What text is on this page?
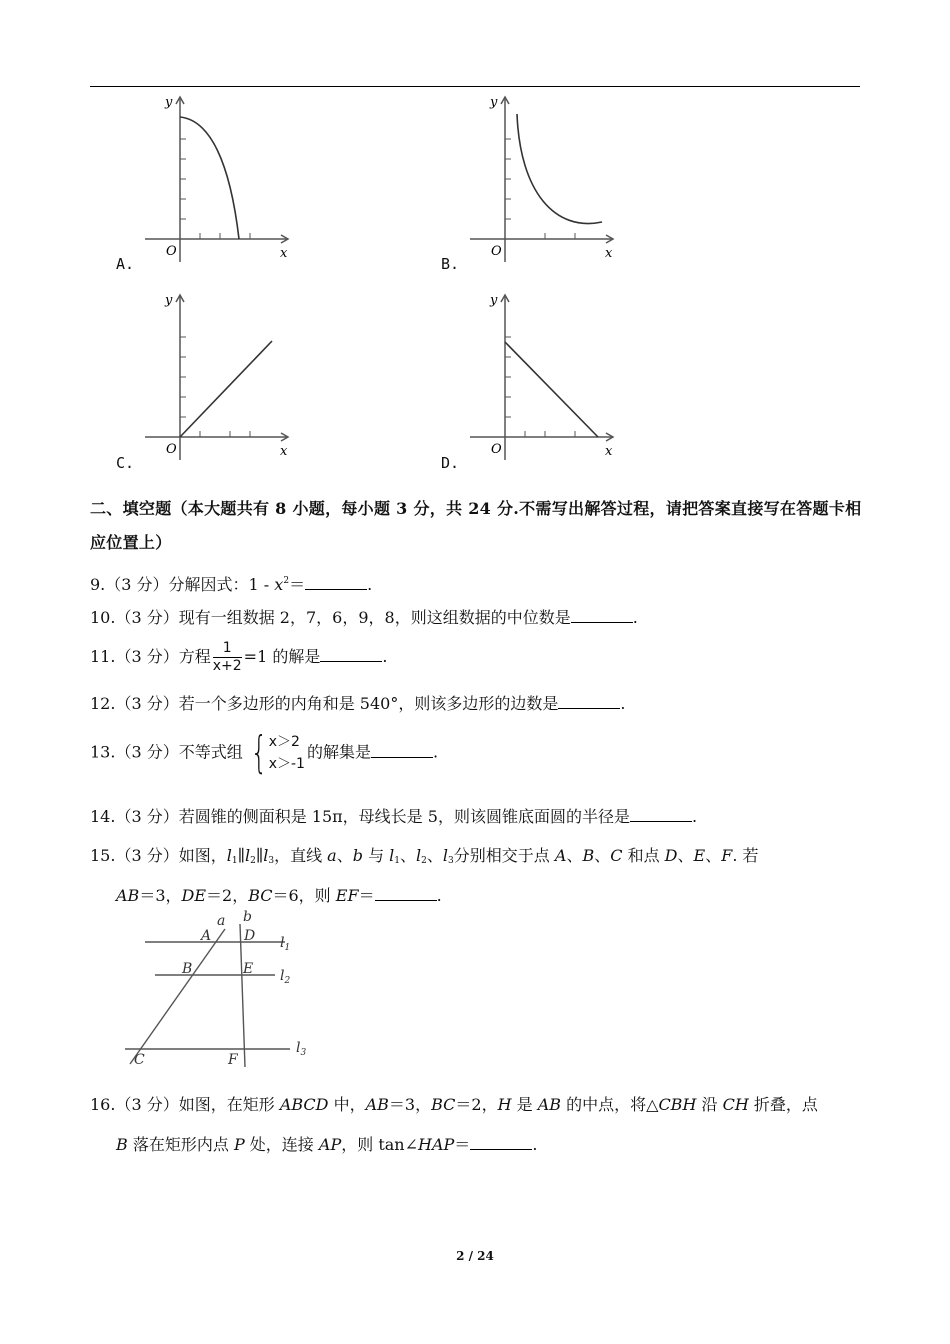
y
O	x
A.
y
O	x
B.
y
O	x
C.
y
O	x
D.
二、填空题（本大题共有 8 小题，每小题 3 分，共 24 分.不需写出解答过程，请把答案直接写在答题卡相应位置上）
9.（3 分）分解因式：$1 - x^2=$	.
10.（3 分）现有一组数据 2，7，6，9，8，则这组数据的中位数是	.
11.（3 分）方程 $\frac{1}{x+2} =1$ 的解是	.
12.（3 分）若一个多边形的内角和是 540°，则该多边形的边数是	.
13.（3 分）不等式组 { x＞2
x＞-1
的解集是	.
14.（3 分）若圆锥的侧面积是 15π，母线长是 5，则该圆锥底面圆的半径是	.
15.（3 分）如图，$l_1\parallel l_2\parallel l_3$，直线 a、b 与 $l_1$、$l_2$、$l_3$分别相交于点 A、B、C 和点 D、E、F. 若
AB＝3，DE＝2，BC＝6，则 EF＝	.
a b
A D
B	E
C	F
$l_1$
$l_2$
$l_3$
16.（3 分）如图，在矩形 ABCD 中，AB＝3，BC＝2，H 是 AB 的中点，将△CBH 沿 CH 折叠，点
B 落在矩形内点 P 处，连接 AP，则 tan∠HAP＝	.
2 / 24
